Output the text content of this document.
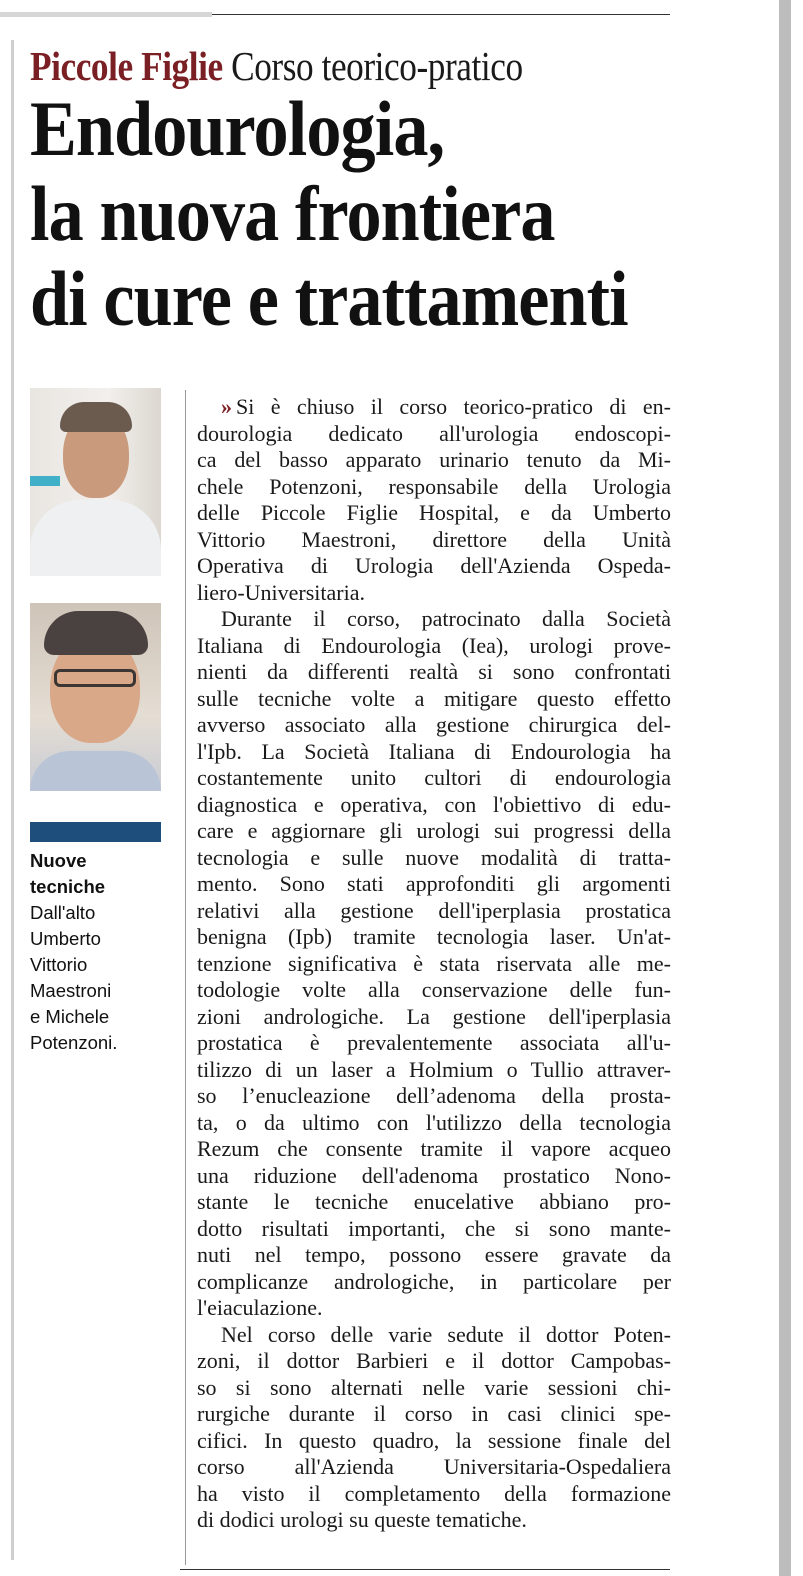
Piccole Figlie Corso teorico-pratico
Endourologia,
la nuova frontiera
di cure e trattamenti
Nuove
tecniche
Dall'alto
Umberto
Vittorio
Maestroni
e Michele
Potenzoni.
» Si è chiuso il corso teorico-pratico di en-
dourologia dedicato all'urologia endoscopi-
ca del basso apparato urinario tenuto da Mi-
chele Potenzoni, responsabile della Urologia
delle Piccole Figlie Hospital, e da Umberto
Vittorio Maestroni, direttore della Unità
Operativa di Urologia dell'Azienda Ospeda-
liero-Universitaria.
Durante il corso, patrocinato dalla Società
Italiana di Endourologia (Iea), urologi prove-
nienti da differenti realtà si sono confrontati
sulle tecniche volte a mitigare questo effetto
avverso associato alla gestione chirurgica del-
l'Ipb. La Società Italiana di Endourologia ha
costantemente unito cultori di endourologia
diagnostica e operativa, con l'obiettivo di edu-
care e aggiornare gli urologi sui progressi della
tecnologia e sulle nuove modalità di tratta-
mento. Sono stati approfonditi gli argomenti
relativi alla gestione dell'iperplasia prostatica
benigna (Ipb) tramite tecnologia laser. Un'at-
tenzione significativa è stata riservata alle me-
todologie volte alla conservazione delle fun-
zioni andrologiche. La gestione dell'iperplasia
prostatica è prevalentemente associata all'u-
tilizzo di un laser a Holmium o Tullio attraver-
so l’enucleazione dell’adenoma della prosta-
ta, o da ultimo con l'utilizzo della tecnologia
Rezum che consente tramite il vapore acqueo
una riduzione dell'adenoma prostatico Nono-
stante le tecniche enucelative abbiano pro-
dotto risultati importanti, che si sono mante-
nuti nel tempo, possono essere gravate da
complicanze andrologiche, in particolare per
l'eiaculazione.
Nel corso delle varie sedute il dottor Poten-
zoni, il dottor Barbieri e il dottor Campobas-
so si sono alternati nelle varie sessioni chi-
rurgiche durante il corso in casi clinici spe-
cifici. In questo quadro, la sessione finale del
corso all'Azienda Universitaria-Ospedaliera
ha visto il completamento della formazione
di dodici urologi su queste tematiche.
